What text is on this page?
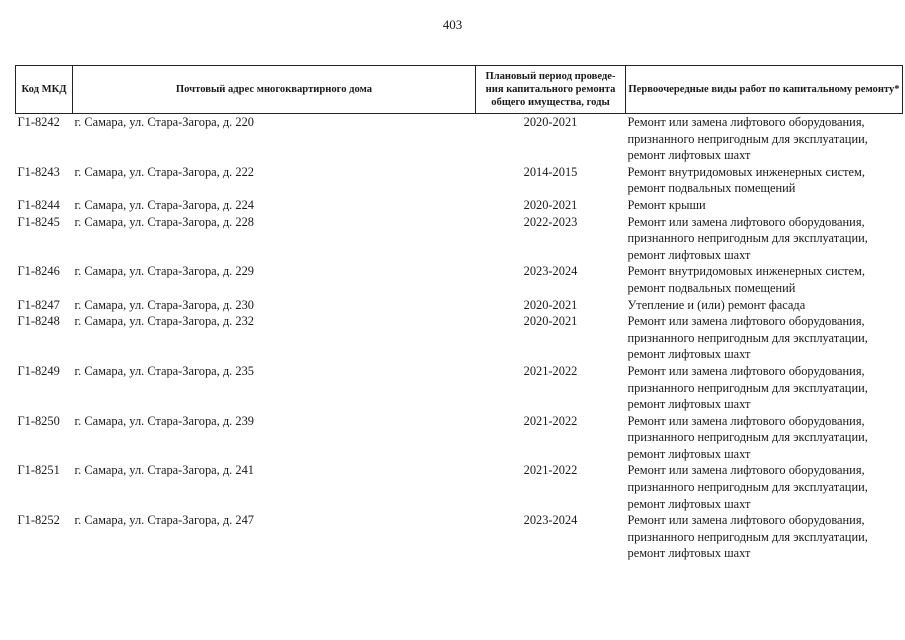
403
Код МКД	Почтовый адрес многоквартирного дома	Плановый период проведе-ния капитального ремонта общего имущества, годы	Первоочередные виды работ по капитальному ремонту*
Г1-8242	г. Самара, ул. Стара-Загора, д. 220	2020-2021	Ремонт или замена лифтового оборудования,
признанного непригодным для эксплуатации,
ремонт лифтовых шахт

Г1-8243	г. Самара, ул. Стара-Загора, д. 222	2014-2015	Ремонт внутридомовых инженерных систем,
ремонт подвальных помещений

Г1-8244	г. Самара, ул. Стара-Загора, д. 224	2020-2021	Ремонт крыши

Г1-8245	г. Самара, ул. Стара-Загора, д. 228	2022-2023	Ремонт или замена лифтового оборудования,
признанного непригодным для эксплуатации,
ремонт лифтовых шахт

Г1-8246	г. Самара, ул. Стара-Загора, д. 229	2023-2024	Ремонт внутридомовых инженерных систем,
ремонт подвальных помещений

Г1-8247	г. Самара, ул. Стара-Загора, д. 230	2020-2021	Утепление и (или) ремонт фасада

Г1-8248	г. Самара, ул. Стара-Загора, д. 232	2020-2021	Ремонт или замена лифтового оборудования,
признанного непригодным для эксплуатации,
ремонт лифтовых шахт

Г1-8249	г. Самара, ул. Стара-Загора, д. 235	2021-2022	Ремонт или замена лифтового оборудования,
признанного непригодным для эксплуатации,
ремонт лифтовых шахт

Г1-8250	г. Самара, ул. Стара-Загора, д. 239	2021-2022	Ремонт или замена лифтового оборудования,
признанного непригодным для эксплуатации,
ремонт лифтовых шахт

Г1-8251	г. Самара, ул. Стара-Загора, д. 241	2021-2022	Ремонт или замена лифтового оборудования,
признанного непригодным для эксплуатации,
ремонт лифтовых шахт

Г1-8252	г. Самара, ул. Стара-Загора, д. 247	2023-2024	Ремонт или замена лифтового оборудования,
признанного непригодным для эксплуатации,
ремонт лифтовых шахт
